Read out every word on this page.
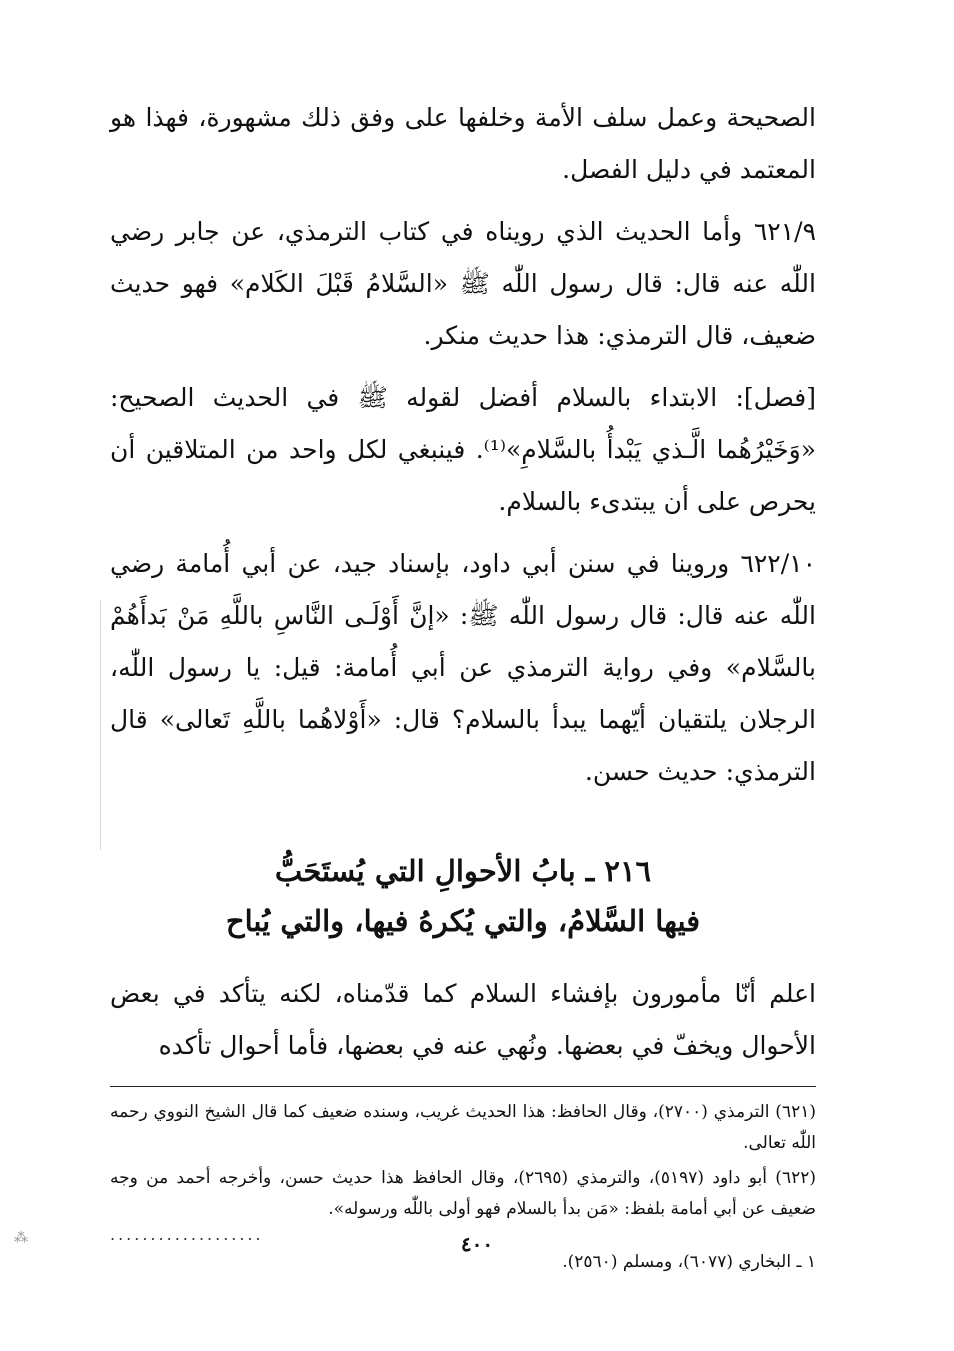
⁂

الصحيحة وعمل سلف الأمة وخلفها على وفق ذلك مشهورة، فهذا هو المعتمد في دليل الفصل.

٦٢١/٩ وأما الحديث الذي رويناه في كتاب الترمذي، عن جابر رضي اللّٰه عنه قال: قال رسول اللّٰه ﷺ «السَّلامُ قَبْلَ الكَلام» فهو حديث ضعيف، قال الترمذي: هذا حديث منكر.

[فصل]: الابتداء بالسلام أفضل لقوله ﷺ في الحديث الصحيح: «وَخَيْرُهُما الَّـذي يَبْدأُ بالسَّلامِ»⁽¹⁾. فينبغي لكل واحد من المتلاقين أن يحرص على أن يبتدىء بالسلام.

٦٢٢/١٠ وروينا في سنن أبي داود، بإسناد جيد، عن أبي أُمامة رضي اللّٰه عنه قال: قال رسول اللّٰه ﷺ: «إنَّ أَوْلَـى النَّاسِ باللَّهِ مَنْ بَدأَهُمْ بالسَّلام» وفي رواية الترمذي عن أبي أُمامة: قيل: يا رسول اللّٰه، الرجلان يلتقيان أيّهما يبدأ بالسلام؟ قال: «أَوْلاهُما باللَّهِ تَعالى» قال الترمذي: حديث حسن.

٢١٦ ـ بابُ الأحوالِ التي يُستَحَبُّ
فيها السَّلامُ، والتي يُكرهُ فيها، والتي يُباح

اعلم أنّا مأمورون بإفشاء السلام كما قدّمناه، لكنه يتأكد في بعض الأحوال ويخفّ في بعضها. ونُهي عنه في بعضها، فأما أحوال تأكده

(٦٢١) الترمذي (٢٧٠٠)، وقال الحافظ: هذا الحديث غريب، وسنده ضعيف كما قال الشيخ النووي رحمه اللّٰه تعالى.

(٦٢٢) أبو داود (٥١٩٧)، والترمذي (٢٦٩٥)، وقال الحافظ هذا حديث حسن، وأخرجه أحمد من وجه ضعيف عن أبي أمامة بلفظ: «مَن بدأ بالسلام فهو أولى باللّٰه ورسوله».

...................

١ ـ البخاري (٦٠٧٧)، ومسلم (٢٥٦٠).

٤٠٠
